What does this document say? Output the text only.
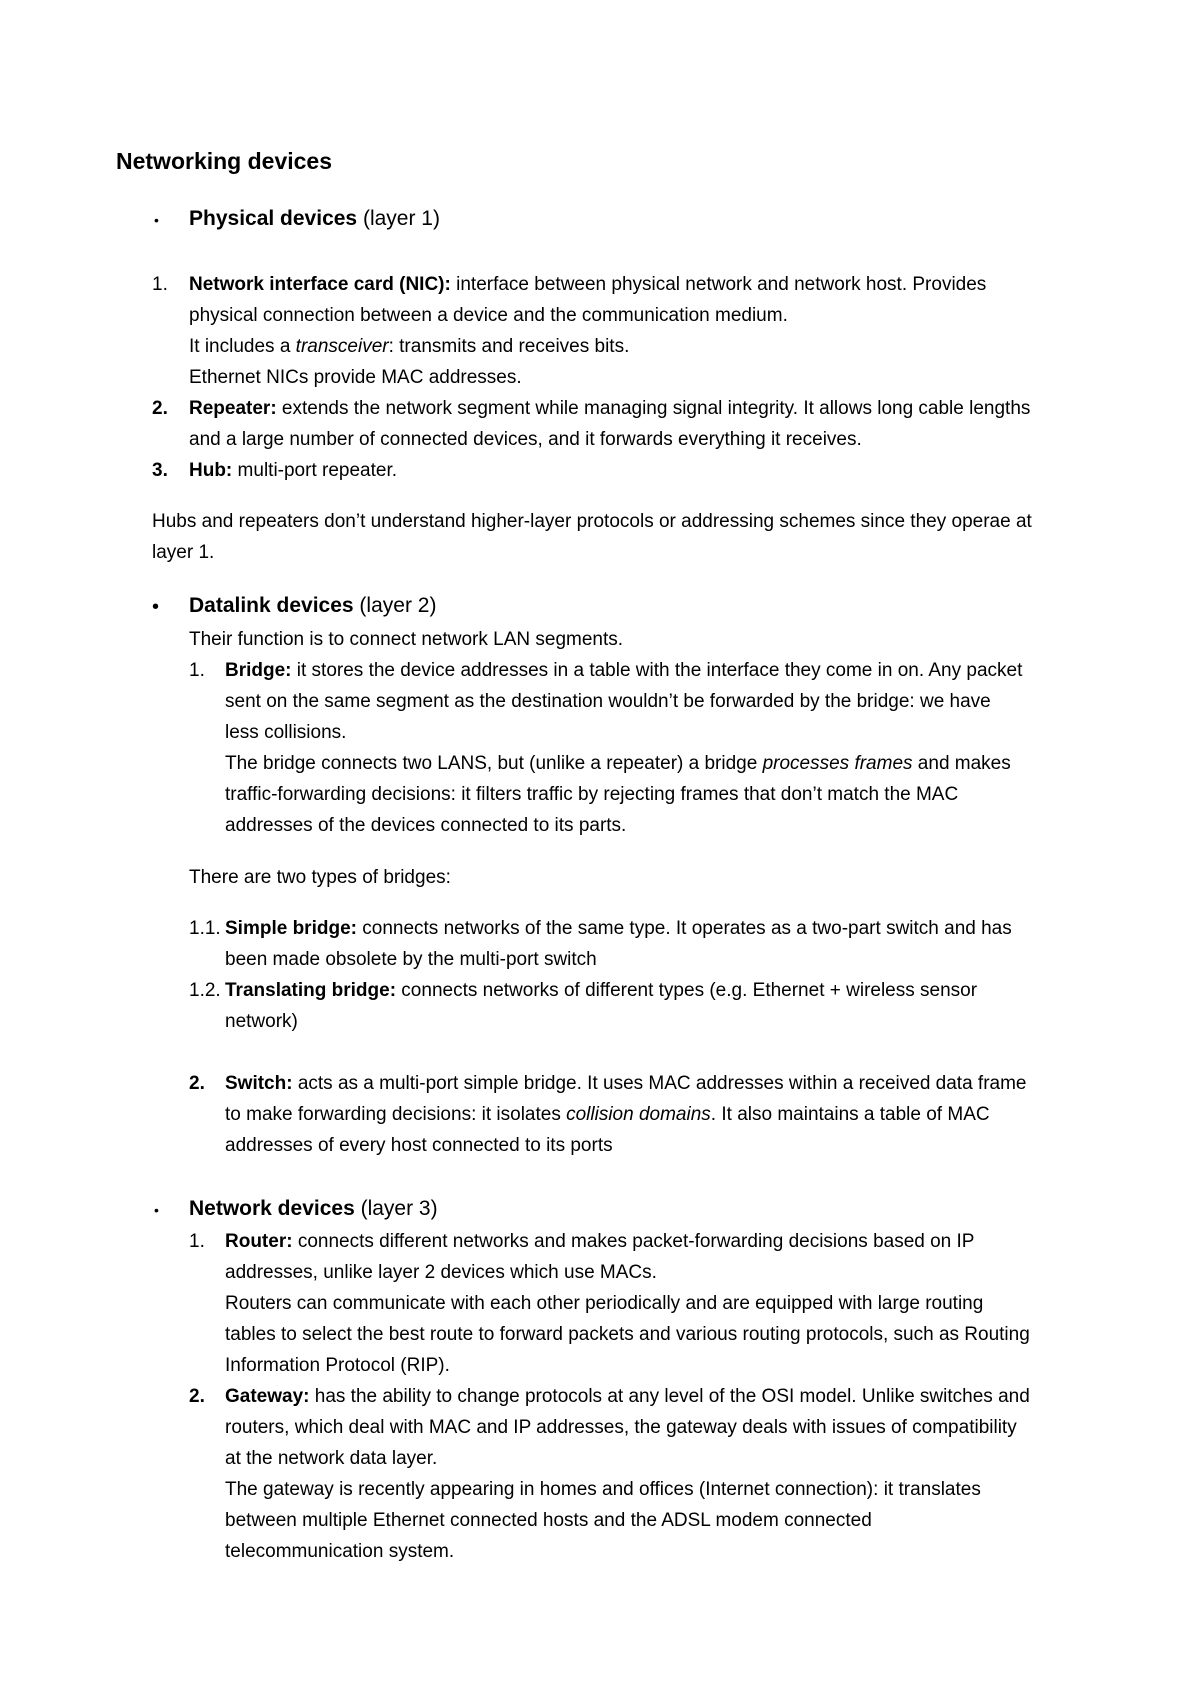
Networking devices
• Physical devices (layer 1)
1. Network interface card (NIC): interface between physical network and network host. Provides
physical connection between a device and the communication medium.
It includes a transceiver: transmits and receives bits.
Ethernet NICs provide MAC addresses.
2. Repeater: extends the network segment while managing signal integrity. It allows long cable lengths
and a large number of connected devices, and it forwards everything it receives.
3. Hub: multi-port repeater.
Hubs and repeaters don’t understand higher-layer protocols or addressing schemes since they operae at
layer 1.
• Datalink devices (layer 2)
Their function is to connect network LAN segments.
1. Bridge: it stores the device addresses in a table with the interface they come in on. Any packet
sent on the same segment as the destination wouldn’t be forwarded by the bridge: we have
less collisions.
The bridge connects two LANS, but (unlike a repeater) a bridge processes frames and makes
traffic-forwarding decisions: it filters traffic by rejecting frames that don’t match the MAC
addresses of the devices connected to its parts.
There are two types of bridges:
1.1. Simple bridge: connects networks of the same type. It operates as a two-part switch and has
been made obsolete by the multi-port switch
1.2. Translating bridge: connects networks of different types (e.g. Ethernet + wireless sensor
network)
2. Switch: acts as a multi-port simple bridge. It uses MAC addresses within a received data frame
to make forwarding decisions: it isolates collision domains. It also maintains a table of MAC
addresses of every host connected to its ports
• Network devices (layer 3)
1. Router: connects different networks and makes packet-forwarding decisions based on IP
addresses, unlike layer 2 devices which use MACs.
Routers can communicate with each other periodically and are equipped with large routing
tables to select the best route to forward packets and various routing protocols, such as Routing
Information Protocol (RIP).
2. Gateway: has the ability to change protocols at any level of the OSI model. Unlike switches and
routers, which deal with MAC and IP addresses, the gateway deals with issues of compatibility
at the network data layer.
The gateway is recently appearing in homes and offices (Internet connection): it translates
between multiple Ethernet connected hosts and the ADSL modem connected
telecommunication system.
